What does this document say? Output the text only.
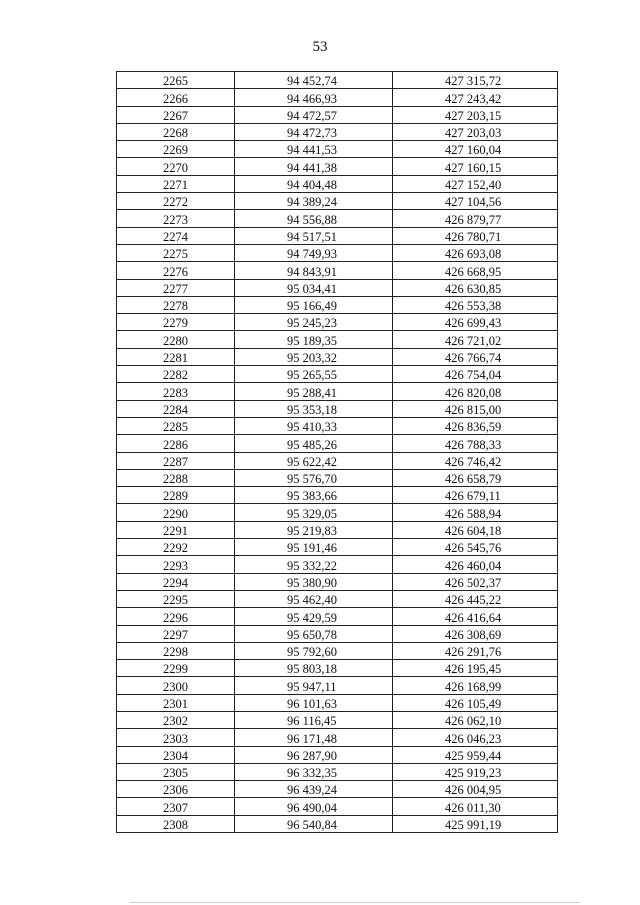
53
2265	94 452,74	427 315,72
2266	94 466,93	427 243,42
2267	94 472,57	427 203,15
2268	94 472,73	427 203,03
2269	94 441,53	427 160,04
2270	94 441,38	427 160,15
2271	94 404,48	427 152,40
2272	94 389,24	427 104,56
2273	94 556,88	426 879,77
2274	94 517,51	426 780,71
2275	94 749,93	426 693,08
2276	94 843,91	426 668,95
2277	95 034,41	426 630,85
2278	95 166,49	426 553,38
2279	95 245,23	426 699,43
2280	95 189,35	426 721,02
2281	95 203,32	426 766,74
2282	95 265,55	426 754,04
2283	95 288,41	426 820,08
2284	95 353,18	426 815,00
2285	95 410,33	426 836,59
2286	95 485,26	426 788,33
2287	95 622,42	426 746,42
2288	95 576,70	426 658,79
2289	95 383,66	426 679,11
2290	95 329,05	426 588,94
2291	95 219,83	426 604,18
2292	95 191,46	426 545,76
2293	95 332,22	426 460,04
2294	95 380,90	426 502,37
2295	95 462,40	426 445,22
2296	95 429,59	426 416,64
2297	95 650,78	426 308,69
2298	95 792,60	426 291,76
2299	95 803,18	426 195,45
2300	95 947,11	426 168,99
2301	96 101,63	426 105,49
2302	96 116,45	426 062,10
2303	96 171,48	426 046,23
2304	96 287,90	425 959,44
2305	96 332,35	425 919,23
2306	96 439,24	426 004,95
2307	96 490,04	426 011,30
2308	96 540,84	425 991,19
